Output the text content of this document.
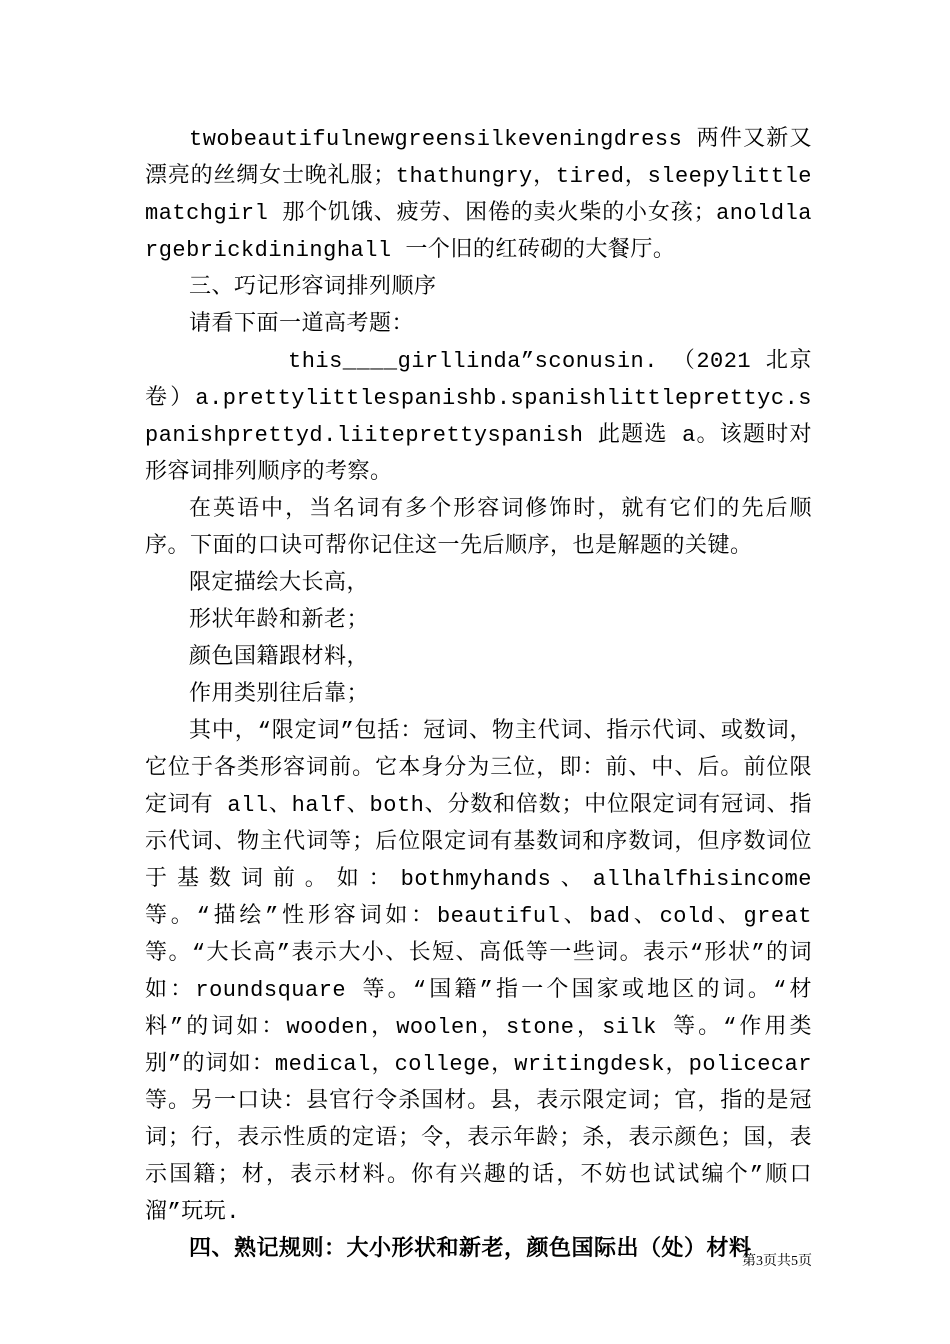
twobeautifulnewgreensilkeveningdress 两件又新又漂亮的丝绸女士晚礼服；thathungry，tired，sleepylittlematchgirl 那个饥饿、疲劳、困倦的卖火柴的小女孩；anoldlargebrickdininghall 一个旧的红砖砌的大餐厅。

三、巧记形容词排列顺序

请看下面一道高考题：

this____girllinda”sconusin. （2021 北京卷）a.prettylittlespanishb.spanishlittleprettyc.spanishprettyd.liiteprettyspanish 此题选 a。该题时对形容词排列顺序的考察。

在英语中，当名词有多个形容词修饰时，就有它们的先后顺序。下面的口诀可帮你记住这一先后顺序，也是解题的关键。

限定描绘大长高，

形状年龄和新老；

颜色国籍跟材料，

作用类别往后靠；

其中，“限定词”包括：冠词、物主代词、指示代词、或数词，它位于各类形容词前。它本身分为三位，即：前、中、后。前位限定词有 all、half、both、分数和倍数；中位限定词有冠词、指示代词、物主代词等；后位限定词有基数词和序数词，但序数词位于基数词前。如：bothmyhands、allhalfhisincome 等。“描绘”性形容词如：beautiful、bad、cold、great 等。“大长高”表示大小、长短、高低等一些词。表示“形状”的词如：roundsquare 等。“国籍”指一个国家或地区的词。“材料”的词如：wooden，woolen，stone，silk 等。“作用类别”的词如：medical，college，writingdesk，policecar 等。另一口诀：县官行令杀国材。县，表示限定词；官，指的是冠词；行，表示性质的定语；令，表示年龄；杀，表示颜色；国，表示国籍；材，表示材料。你有兴趣的话，不妨也试试编个”顺口溜”玩玩.

四、熟记规则：大小形状和新老，颜色国际出（处）材料

第3页共5页
